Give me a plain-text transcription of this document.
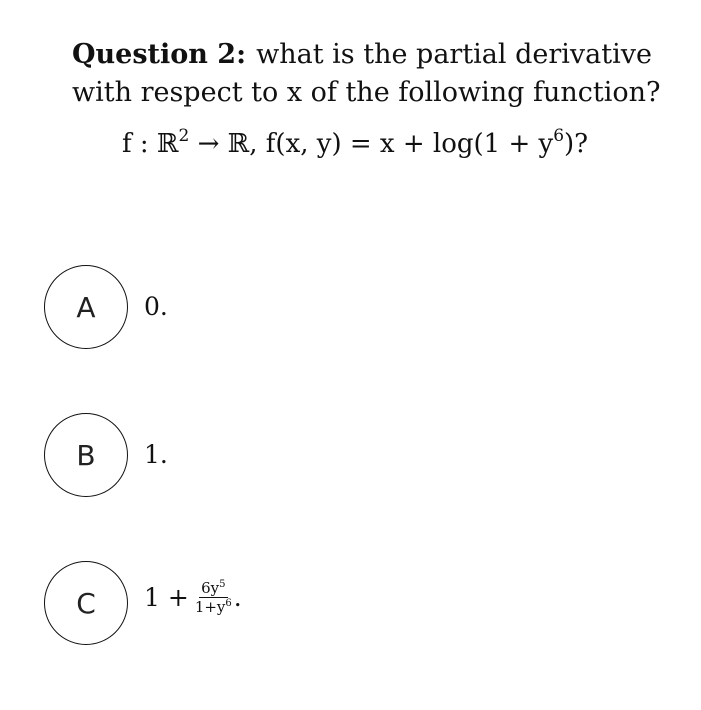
Question 2: what is the partial derivative
with respect to x of the following function?
f : ℝ$^2$ → ℝ, f(x, $y) = x + \log(1 + y^6)$?
A	0.
B	1.
C	$1 + \frac{6y^5}{1+y^6}$ .
